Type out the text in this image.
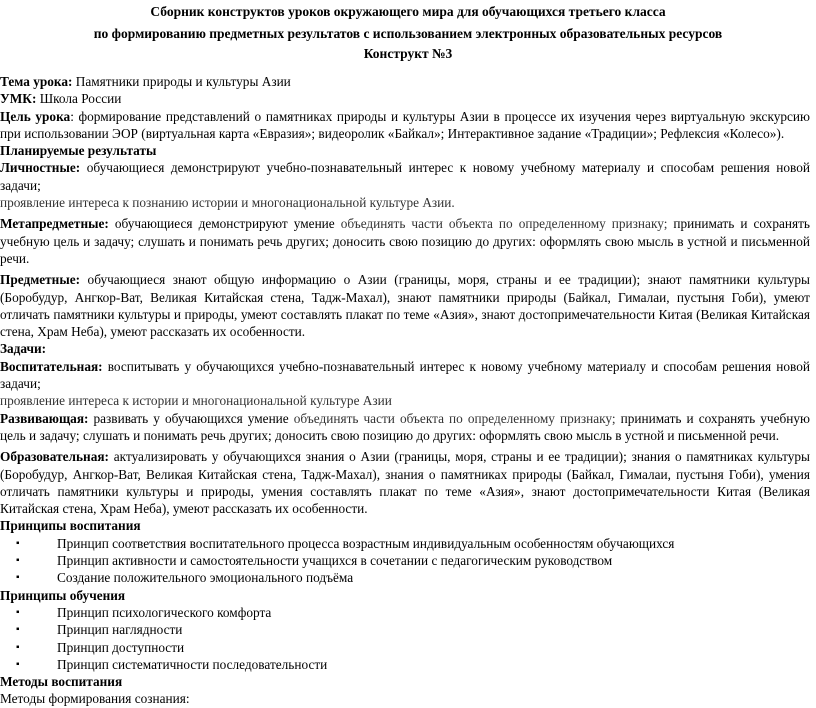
Сборник конструктов уроков окружающего мира для обучающихся третьего класса
по формированию предметных результатов с использованием электронных образовательных ресурсов
Конструкт №3

Тема урока: Памятники природы и культуры Азии

УМК: Школа России

Цель урока: формирование представлений о памятниках природы и культуры Азии в процессе их изучения через виртуальную экскурсию при использовании ЭОР (виртуальная карта «Евразия»; видеоролик «Байкал»; Интерактивное задание «Традиции»; Рефлексия «Колесо»).

Планируемые результаты

Личностные: обучающиеся демонстрируют учебно-познавательный интерес к новому учебному материалу и способам решения новой задачи;

проявление интереса к познанию истории и многонациональной культуре Азии.

Метапредметные: обучающиеся демонстрируют умение объединять части объекта по определенному признаку; принимать и сохранять учебную цель и задачу; слушать и понимать речь других; доносить свою позицию до других: оформлять свою мысль в устной и письменной речи.

Предметные: обучающиеся знают общую информацию о Азии (границы, моря, страны и ее традиции); знают памятники культуры (Боробудур, Ангкор-Ват, Великая Китайская стена, Тадж-Махал), знают памятники природы (Байкал, Гималаи, пустыня Гоби), умеют отличать памятники культуры и природы, умеют составлять плакат по теме «Азия», знают достопримечательности Китая (Великая Китайская стена, Храм Неба), умеют рассказать их особенности.

Задачи:

Воспитательная: воспитывать у обучающихся учебно-познавательный интерес к новому учебному материалу и способам решения новой задачи;

проявление интереса к истории и многонациональной культуре Азии

Развивающая: развивать у обучающихся умение объединять части объекта по определенному признаку; принимать и сохранять учебную цель и задачу; слушать и понимать речь других; доносить свою позицию до других: оформлять свою мысль в устной и письменной речи.

Образовательная: актуализировать у обучающихся знания о Азии (границы, моря, страны и ее традиции); знания о памятниках культуры (Боробудур, Ангкор-Ват, Великая Китайская стена, Тадж-Махал), знания о памятниках природы (Байкал, Гималаи, пустыня Гоби), умения отличать памятники культуры и природы, умения составлять плакат по теме «Азия», знают достопримечательности Китая (Великая Китайская стена, Храм Неба), умеют рассказать их особенности.

Принципы воспитания

▪	Принцип соответствия воспитательного процесса возрастным индивидуальным особенностям обучающихся
▪	Принцип активности и самостоятельности учащихся в сочетании с педагогическим руководством
▪	Создание положительного эмоционального подъёма

Принципы обучения

▪	Принцип психологического комфорта
▪	Принцип наглядности
▪	Принцип доступности
▪	Принцип систематичности последовательности

Методы воспитания

Методы формирования сознания:
